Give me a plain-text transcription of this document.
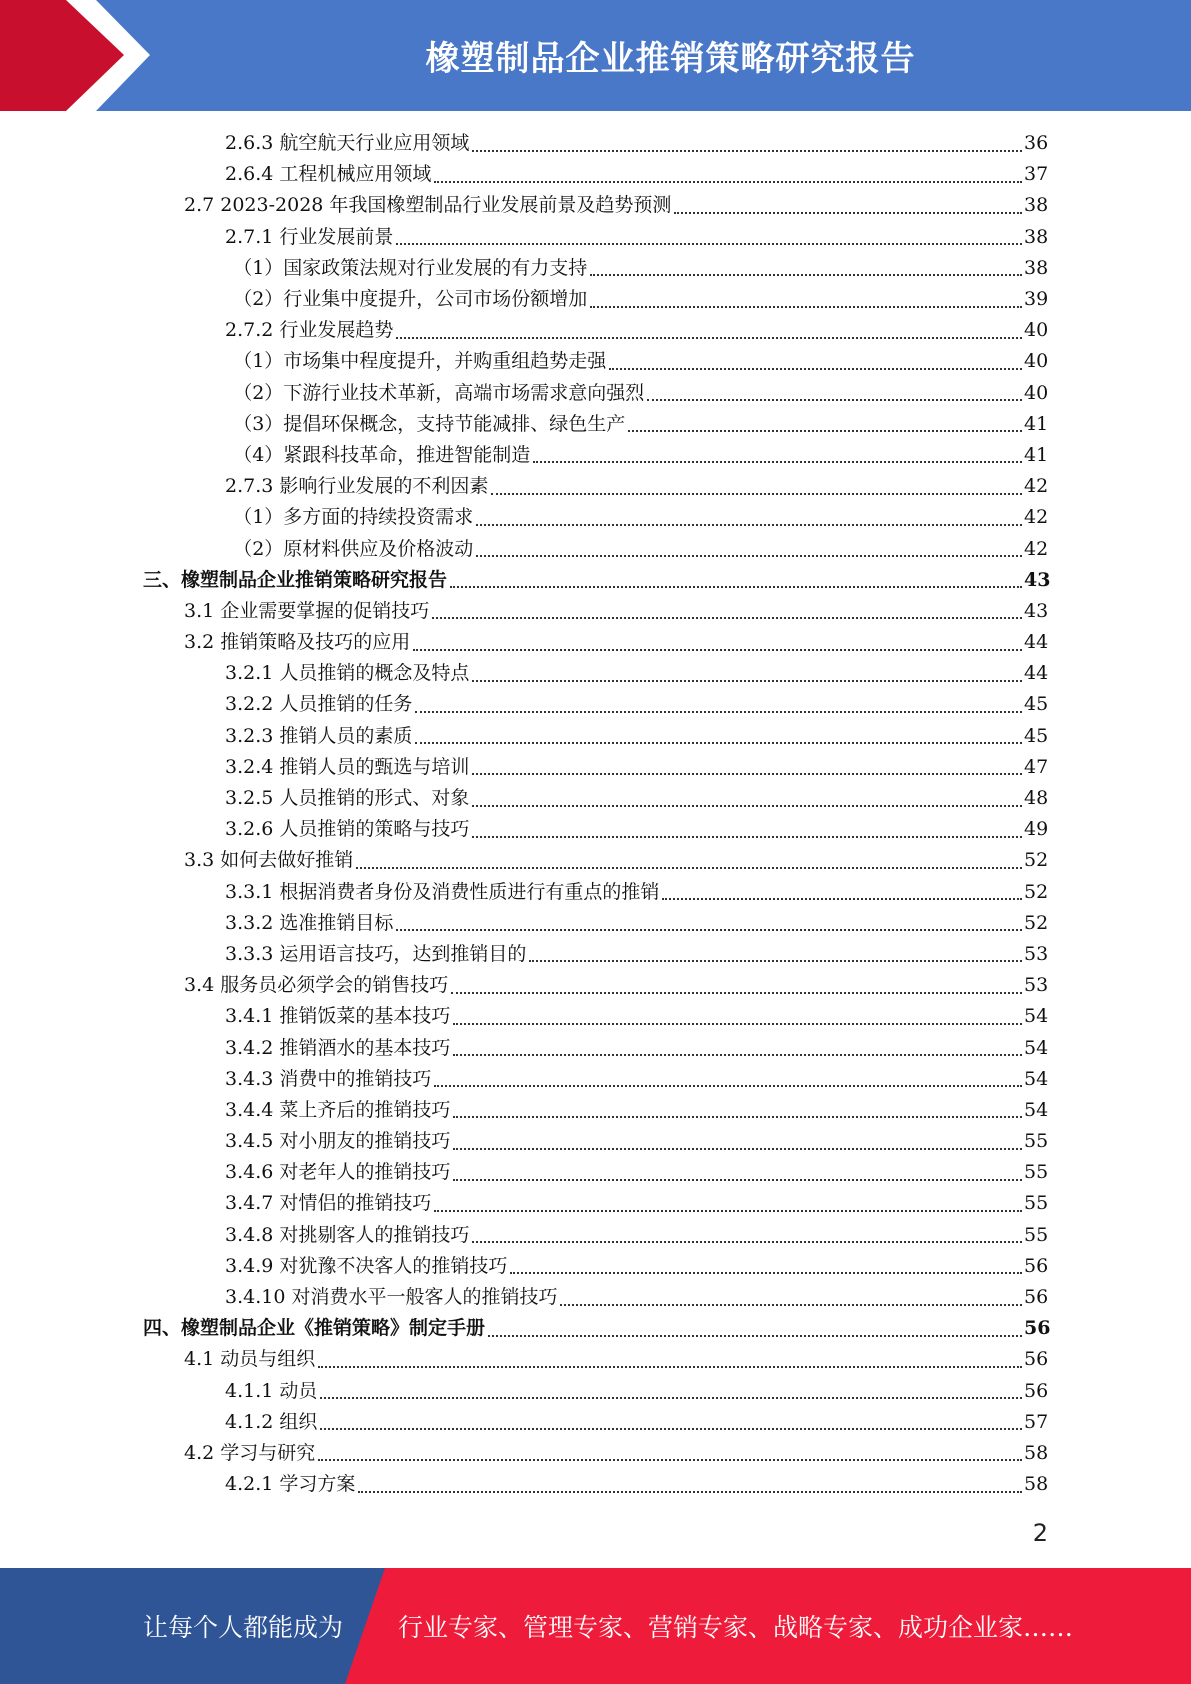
橡塑制品企业推销策略研究报告
2.6.3 航空航天行业应用领域	36
2.6.4 工程机械应用领域	37
2.7 2023-2028 年我国橡塑制品行业发展前景及趋势预测	38
2.7.1 行业发展前景	38
（1）国家政策法规对行业发展的有力支持	38
（2）行业集中度提升，公司市场份额增加	39
2.7.2 行业发展趋势	40
（1）市场集中程度提升，并购重组趋势走强	40
（2）下游行业技术革新，高端市场需求意向强烈	40
（3）提倡环保概念，支持节能减排、绿色生产	41
（4）紧跟科技革命，推进智能制造	41
2.7.3 影响行业发展的不利因素	42
（1）多方面的持续投资需求	42
（2）原材料供应及价格波动	42
三、橡塑制品企业推销策略研究报告	43
3.1 企业需要掌握的促销技巧	43
3.2 推销策略及技巧的应用	44
3.2.1 人员推销的概念及特点	44
3.2.2 人员推销的任务	45
3.2.3 推销人员的素质	45
3.2.4 推销人员的甄选与培训	47
3.2.5 人员推销的形式、对象	48
3.2.6 人员推销的策略与技巧	49
3.3 如何去做好推销	52
3.3.1 根据消费者身份及消费性质进行有重点的推销	52
3.3.2 选准推销目标	52
3.3.3 运用语言技巧，达到推销目的	53
3.4 服务员必须学会的销售技巧	53
3.4.1 推销饭菜的基本技巧	54
3.4.2 推销酒水的基本技巧	54
3.4.3 消费中的推销技巧	54
3.4.4 菜上齐后的推销技巧	54
3.4.5 对小朋友的推销技巧	55
3.4.6 对老年人的推销技巧	55
3.4.7 对情侣的推销技巧	55
3.4.8 对挑剔客人的推销技巧	55
3.4.9 对犹豫不决客人的推销技巧	56
3.4.10 对消费水平一般客人的推销技巧	56
四、橡塑制品企业《推销策略》制定手册	56
4.1 动员与组织	56
4.1.1 动员	56
4.1.2 组织	57
4.2 学习与研究	58
4.2.1 学习方案	58
2
让每个人都能成为 行业专家、管理专家、营销专家、战略专家、成功企业家……
